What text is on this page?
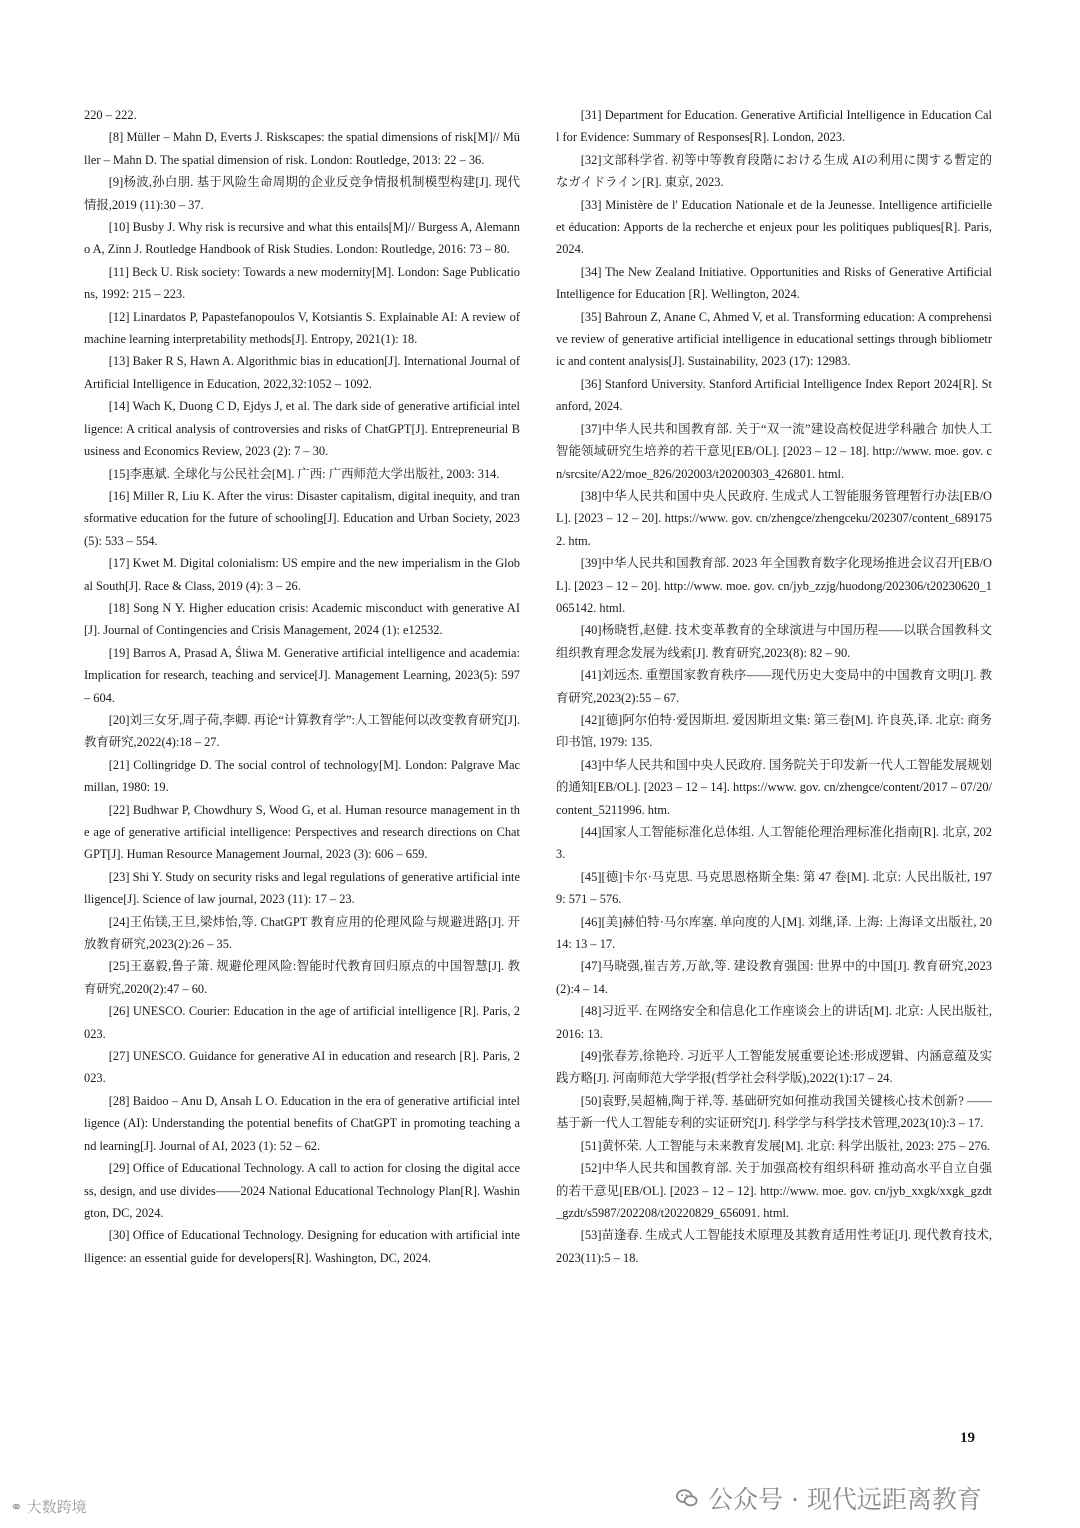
220 – 222.

[8] Müller – Mahn D, Everts J. Riskscapes: the spatial dimensions of risk[M]// Müller – Mahn D. The spatial dimension of risk. London: Routledge, 2013: 22 – 36.

[9]杨波,孙白朋. 基于风险生命周期的企业反竞争情报机制模型构建[J]. 现代情报,2019 (11):30 – 37.

[10] Busby J. Why risk is recursive and what this entails[M]// Burgess A, Alemanno A, Zinn J. Routledge Handbook of Risk Studies. London: Routledge, 2016: 73 – 80.

[11] Beck U. Risk society: Towards a new modernity[M]. London: Sage Publications, 1992: 215 – 223.

[12] Linardatos P, Papastefanopoulos V, Kotsiantis S. Explainable AI: A review of machine learning interpretability methods[J]. Entropy, 2021(1): 18.

[13] Baker R S, Hawn A. Algorithmic bias in education[J]. International Journal of Artificial Intelligence in Education, 2022,32:1052 – 1092.

[14] Wach K, Duong C D, Ejdys J, et al. The dark side of generative artificial intelligence: A critical analysis of controversies and risks of ChatGPT[J]. Entrepreneurial Business and Economics Review, 2023 (2): 7 – 30.

[15]李惠斌. 全球化与公民社会[M]. 广西: 广西师范大学出版社, 2003: 314.

[16] Miller R, Liu K. After the virus: Disaster capitalism, digital inequity, and transformative education for the future of schooling[J]. Education and Urban Society, 2023 (5): 533 – 554.

[17] Kwet M. Digital colonialism: US empire and the new imperialism in the Global South[J]. Race & Class, 2019 (4): 3 – 26.

[18] Song N Y. Higher education crisis: Academic misconduct with generative AI[J]. Journal of Contingencies and Crisis Management, 2024 (1): e12532.

[19] Barros A, Prasad A, Śliwa M. Generative artificial intelligence and academia: Implication for research, teaching and service[J]. Management Learning, 2023(5): 597 – 604.

[20]刘三女牙,周子荷,李卿. 再论“计算教育学”:人工智能何以改变教育研究[J]. 教育研究,2022(4):18 – 27.

[21] Collingridge D. The social control of technology[M]. London: Palgrave Macmillan, 1980: 19.

[22] Budhwar P, Chowdhury S, Wood G, et al. Human resource management in the age of generative artificial intelligence: Perspectives and research directions on ChatGPT[J]. Human Resource Management Journal, 2023 (3): 606 – 659.

[23] Shi Y. Study on security risks and legal regulations of generative artificial intelligence[J]. Science of law journal, 2023 (11): 17 – 23.

[24]王佑镁,王旦,梁炜怡,等. ChatGPT 教育应用的伦理风险与规避进路[J]. 开放教育研究,2023(2):26 – 35.

[25]王嘉毅,鲁子箫. 规避伦理风险:智能时代教育回归原点的中国智慧[J]. 教育研究,2020(2):47 – 60.

[26] UNESCO. Courier: Education in the age of artificial intelligence [R]. Paris, 2023.

[27] UNESCO. Guidance for generative AI in education and research [R]. Paris, 2023.

[28] Baidoo – Anu D, Ansah L O. Education in the era of generative artificial intelligence (AI): Understanding the potential benefits of ChatGPT in promoting teaching and learning[J]. Journal of AI, 2023 (1): 52 – 62.

[29] Office of Educational Technology. A call to action for closing the digital access, design, and use divides——2024 National Educational Technology Plan[R]. Washington, DC, 2024.

[30] Office of Educational Technology. Designing for education with artificial intelligence: an essential guide for developers[R]. Washington, DC, 2024.

[31] Department for Education. Generative Artificial Intelligence in Education Call for Evidence: Summary of Responses[R]. London, 2023.

[32]文部科学省. 初等中等教育段階における生成 AIの利用に関する暫定的なガイドライン[R]. 東京, 2023.

[33] Ministère de l' Education Nationale et de la Jeunesse. Intelligence artificielle et éducation: Apports de la recherche et enjeux pour les politiques publiques[R]. Paris, 2024.

[34] The New Zealand Initiative. Opportunities and Risks of Generative Artificial Intelligence for Education [R]. Wellington, 2024.

[35] Bahroun Z, Anane C, Ahmed V, et al. Transforming education: A comprehensive review of generative artificial intelligence in educational settings through bibliometric and content analysis[J]. Sustainability, 2023 (17): 12983.

[36] Stanford University. Stanford Artificial Intelligence Index Report 2024[R]. Stanford, 2024.

[37]中华人民共和国教育部. 关于“双一流”建设高校促进学科融合 加快人工智能领域研究生培养的若干意见[EB/OL]. [2023 – 12 – 18]. http://www. moe. gov. cn/srcsite/A22/moe_826/202003/t20200303_426801. html.

[38]中华人民共和国中央人民政府. 生成式人工智能服务管理暂行办法[EB/OL]. [2023 – 12 – 20]. https://www. gov. cn/zhengce/zhengceku/202307/content_6891752. htm.

[39]中华人民共和国教育部. 2023 年全国教育数字化现场推进会议召开[EB/OL]. [2023 – 12 – 20]. http://www. moe. gov. cn/jyb_zzjg/huodong/202306/t20230620_1065142. html.

[40]杨晓哲,赵健. 技术变革教育的全球演进与中国历程——以联合国教科文组织教育理念发展为线索[J]. 教育研究,2023(8): 82 – 90.

[41]刘远杰. 重塑国家教育秩序——现代历史大变局中的中国教育文明[J]. 教育研究,2023(2):55 – 67.

[42][德]阿尔伯特·爱因斯坦. 爱因斯坦文集: 第三卷[M]. 许良英,译. 北京: 商务印书馆, 1979: 135.

[43]中华人民共和国中央人民政府. 国务院关于印发新一代人工智能发展规划的通知[EB/OL]. [2023 – 12 – 14]. https://www. gov. cn/zhengce/content/2017 – 07/20/content_5211996. htm.

[44]国家人工智能标准化总体组. 人工智能伦理治理标准化指南[R]. 北京, 2023.

[45][德]卡尔·马克思. 马克思恩格斯全集: 第 47 卷[M]. 北京: 人民出版社, 1979: 571 – 576.

[46][美]赫伯特·马尔库塞. 单向度的人[M]. 刘继,译. 上海: 上海译文出版社, 2014: 13 – 17.

[47]马晓强,崔吉芳,万歆,等. 建设教育强国: 世界中的中国[J]. 教育研究,2023(2):4 – 14.

[48]习近平. 在网络安全和信息化工作座谈会上的讲话[M]. 北京: 人民出版社, 2016: 13.

[49]张春芳,徐艳玲. 习近平人工智能发展重要论述:形成逻辑、内涵意蕴及实践方略[J]. 河南师范大学学报(哲学社会科学版),2022(1):17 – 24.

[50]袁野,吴超楠,陶于祥,等. 基础研究如何推动我国关键核心技术创新? ——基于新一代人工智能专利的实证研究[J]. 科学学与科学技术管理,2023(10):3 – 17.

[51]黄怀荣. 人工智能与未来教育发展[M]. 北京: 科学出版社, 2023: 275 – 276.

[52]中华人民共和国教育部. 关于加强高校有组织科研 推动高水平自立自强的若干意见[EB/OL]. [2023 – 12 – 12]. http://www. moe. gov. cn/jyb_xxgk/xxgk_gzdt_gzdt/s5987/202208/t20220829_656091. html.

[53]苗逢春. 生成式人工智能技术原理及其教育适用性考证[J]. 现代教育技术,2023(11):5 – 18.

19
⚭ 大数跨境	公众号 · 现代远距离教育
